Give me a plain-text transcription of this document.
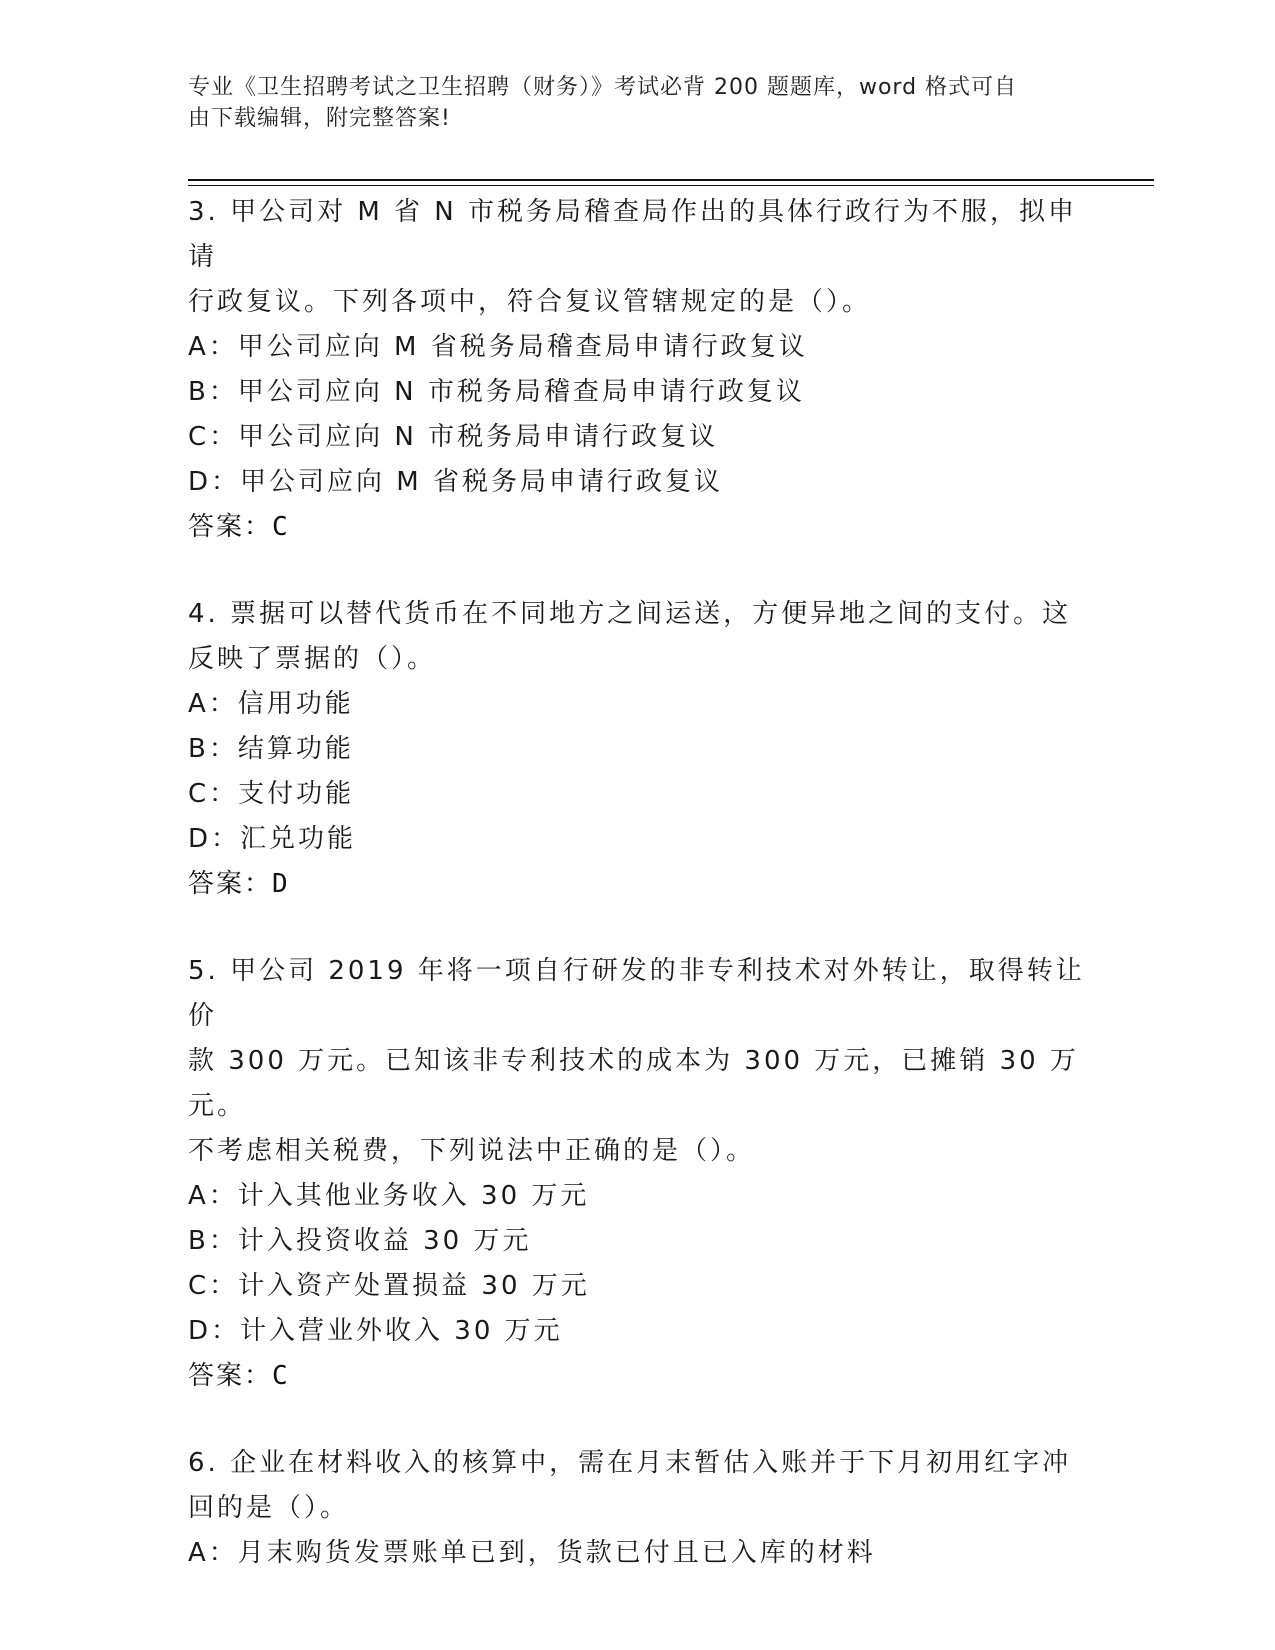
专业《卫生招聘考试之卫生招聘（财务）》考试必背 200 题题库，word 格式可自
由下载编辑，附完整答案!
3. 甲公司对 M 省 N 市税务局稽查局作出的具体行政行为不服，拟申请
行政复议。下列各项中，符合复议管辖规定的是（）。
A：甲公司应向 M 省税务局稽查局申请行政复议
B：甲公司应向 N 市税务局稽查局申请行政复议
C：甲公司应向 N 市税务局申请行政复议
D：甲公司应向 M 省税务局申请行政复议
答案：C
4. 票据可以替代货币在不同地方之间运送，方便异地之间的支付。这
反映了票据的（）。
A：信用功能
B：结算功能
C：支付功能
D：汇兑功能
答案：D
5. 甲公司 2019 年将一项自行研发的非专利技术对外转让，取得转让价
款 300 万元。已知该非专利技术的成本为 300 万元，已摊销 30 万元。
不考虑相关税费，下列说法中正确的是（）。
A：计入其他业务收入 30 万元
B：计入投资收益 30 万元
C：计入资产处置损益 30 万元
D：计入营业外收入 30 万元
答案：C
6. 企业在材料收入的核算中，需在月末暂估入账并于下月初用红字冲
回的是（）。
A：月末购货发票账单已到，货款已付且已入库的材料
